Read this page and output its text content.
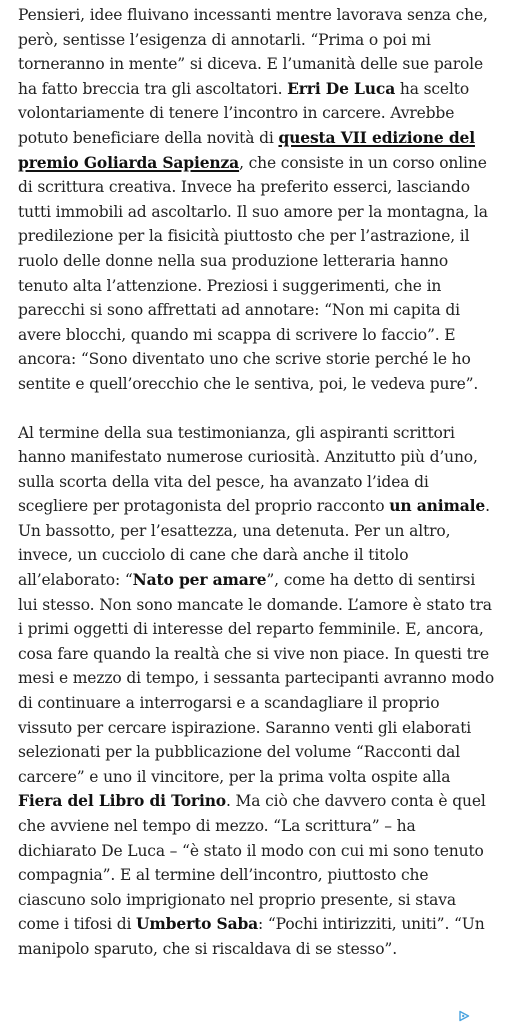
Pensieri, idee fluivano incessanti mentre lavorava senza che, però, sentisse l’esigenza di annotarli. “Prima o poi mi torneranno in mente” si diceva. E l’umanità delle sue parole ha fatto breccia tra gli ascoltatori. Erri De Luca ha scelto volontariamente di tenere l’incontro in carcere. Avrebbe potuto beneficiare della novità di questa VII edizione del premio Goliarda Sapienza, che consiste in un corso online di scrittura creativa. Invece ha preferito esserci, lasciando tutti immobili ad ascoltarlo. Il suo amore per la montagna, la predilezione per la fisicità piuttosto che per l’astrazione, il ruolo delle donne nella sua produzione letteraria hanno tenuto alta l’attenzione. Preziosi i suggerimenti, che in parecchi si sono affrettati ad annotare: “Non mi capita di avere blocchi, quando mi scappa di scrivere lo faccio”. E ancora: “Sono diventato uno che scrive storie perché le ho sentite e quell’orecchio che le sentiva, poi, le vedeva pure”.

Al termine della sua testimonianza, gli aspiranti scrittori hanno manifestato numerose curiosità. Anzitutto più d’uno, sulla scorta della vita del pesce, ha avanzato l’idea di scegliere per protagonista del proprio racconto un animale. Un bassotto, per l’esattezza, una detenuta. Per un altro, invece, un cucciolo di cane che darà anche il titolo all’elaborato: “Nato per amare”, come ha detto di sentirsi lui stesso. Non sono mancate le domande. L’amore è stato tra i primi oggetti di interesse del reparto femminile. E, ancora, cosa fare quando la realtà che si vive non piace. In questi tre mesi e mezzo di tempo, i sessanta partecipanti avranno modo di continuare a interrogarsi e a scandagliare il proprio vissuto per cercare ispirazione. Saranno venti gli elaborati selezionati per la pubblicazione del volume “Racconti dal carcere” e uno il vincitore, per la prima volta ospite alla Fiera del Libro di Torino. Ma ciò che davvero conta è quel che avviene nel tempo di mezzo. “La scrittura” – ha dichiarato De Luca – “è stato il modo con cui mi sono tenuto compagnia”. E al termine dell’incontro, piuttosto che ciascuno solo imprigionato nel proprio presente, si stava come i tifosi di Umberto Saba: “Pochi intirizziti, uniti”. “Un manipolo sparuto, che si riscaldava di se stesso”.
